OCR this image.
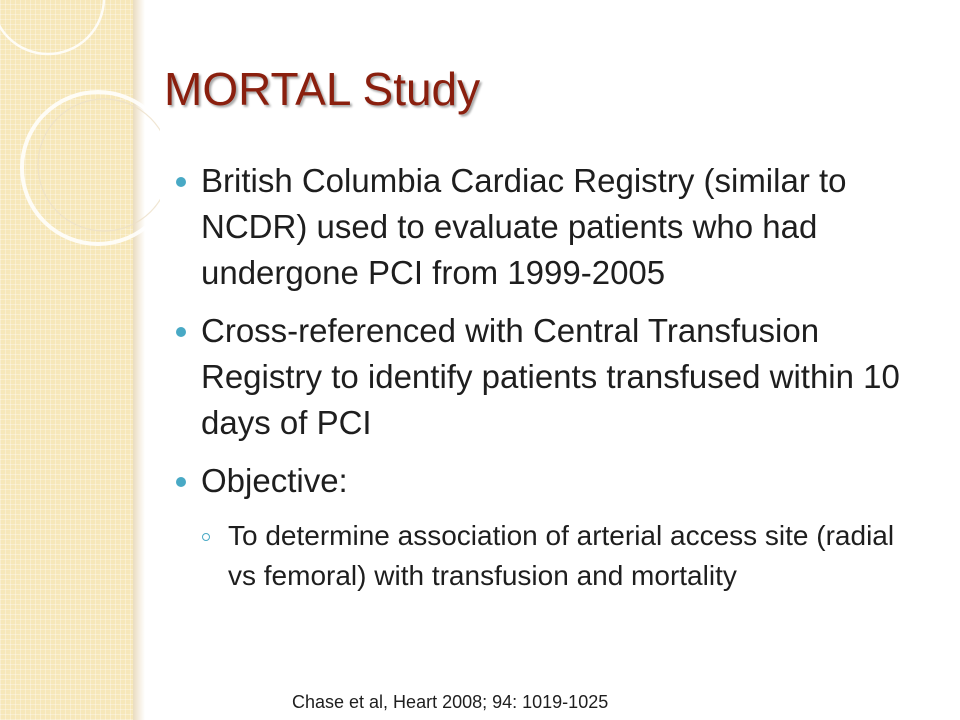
MORTAL Study
British Columbia Cardiac Registry (similar to NCDR) used to evaluate patients who had undergone PCI from 1999-2005
Cross-referenced with Central Transfusion Registry to identify patients transfused within 10 days of PCI
Objective:
To determine association of arterial access site (radial vs femoral) with transfusion and mortality
Chase et al, Heart 2008; 94: 1019-1025
